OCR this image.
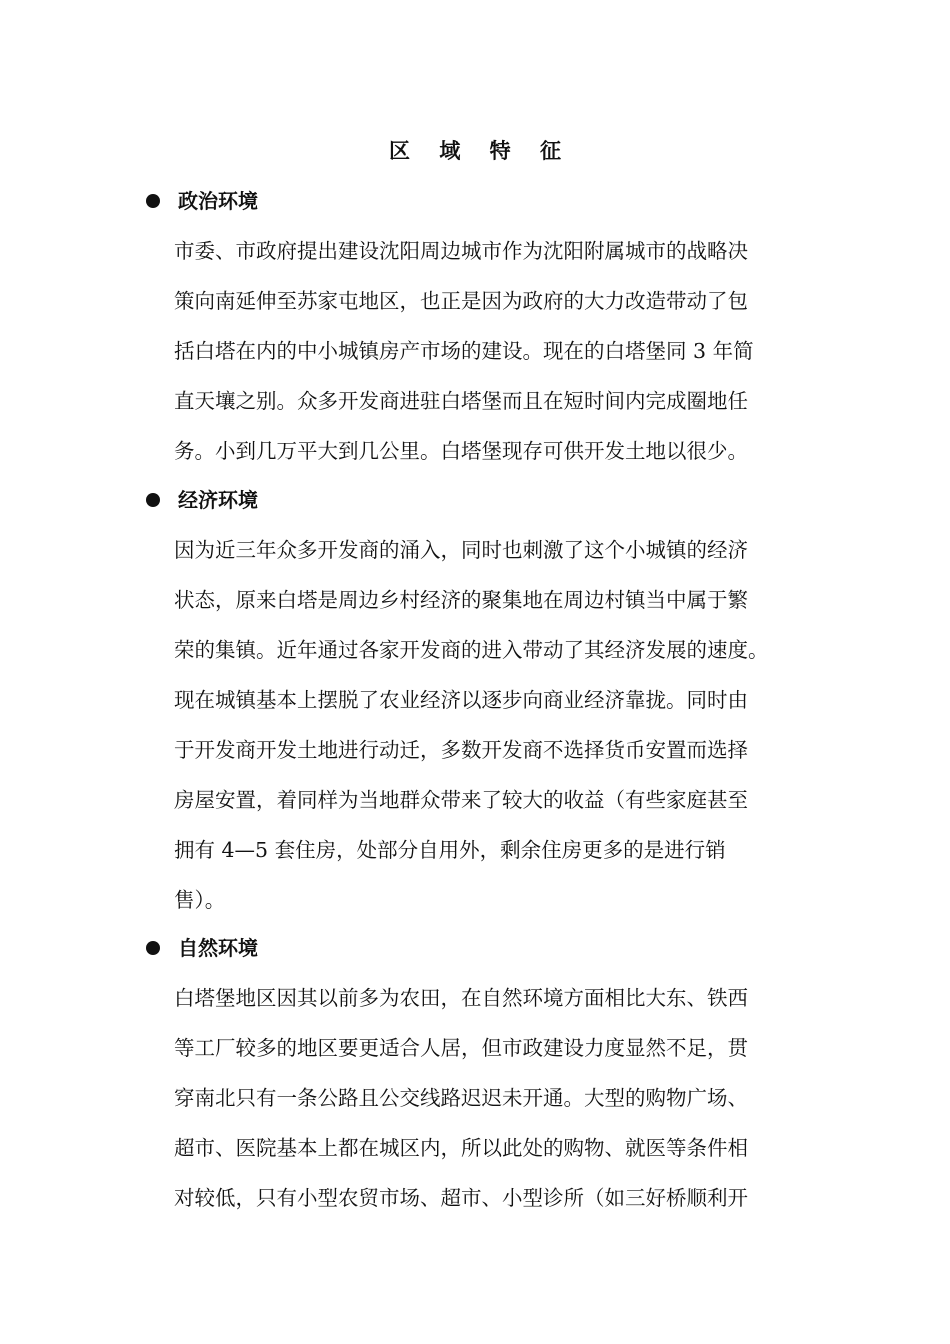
区 域 特 征
政治环境
市委、市政府提出建设沈阳周边城市作为沈阳附属城市的战略决
策向南延伸至苏家屯地区，也正是因为政府的大力改造带动了包
括白塔在内的中小城镇房产市场的建设。现在的白塔堡同 3 年简
直天壤之别。众多开发商进驻白塔堡而且在短时间内完成圈地任
务。小到几万平大到几公里。白塔堡现存可供开发土地以很少。
经济环境
因为近三年众多开发商的涌入，同时也刺激了这个小城镇的经济
状态，原来白塔是周边乡村经济的聚集地在周边村镇当中属于繁
荣的集镇。近年通过各家开发商的进入带动了其经济发展的速度。
现在城镇基本上摆脱了农业经济以逐步向商业经济靠拢。同时由
于开发商开发土地进行动迁，多数开发商不选择货币安置而选择
房屋安置，着同样为当地群众带来了较大的收益（有些家庭甚至
拥有 4—5 套住房，处部分自用外，剩余住房更多的是进行销
售）。
自然环境
白塔堡地区因其以前多为农田，在自然环境方面相比大东、铁西
等工厂较多的地区要更适合人居，但市政建设力度显然不足，贯
穿南北只有一条公路且公交线路迟迟未开通。大型的购物广场、
超市、医院基本上都在城区内，所以此处的购物、就医等条件相
对较低，只有小型农贸市场、超市、小型诊所（如三好桥顺利开
